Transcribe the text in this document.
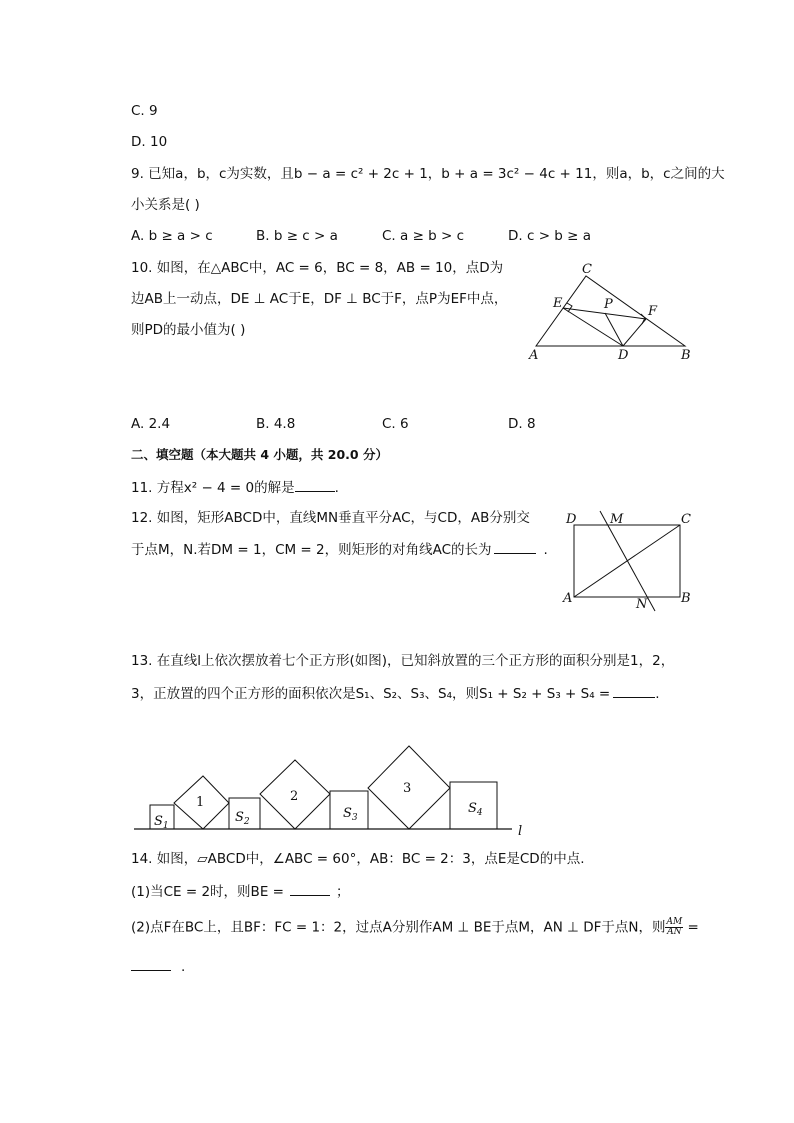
C. 9
D. 10
9. 已知a，b，c为实数，且b − a = c² + 2c + 1，b + a = 3c² − 4c + 11，则a，b，c之间的大
小关系是( )
A. b ≥ a > c	B. b ≥ c > a	C. a ≥ b > c	D. c > b ≥ a
10. 如图，在△ABC中，AC = 6，BC = 8，AB = 10，点D为
边AB上一动点，DE ⊥ AC于E，DF ⊥ BC于F，点P为EF中点，
则PD的最小值为( )
C
E	P	F
A	D	B
A. 2.4	B. 4.8	C. 6	D. 8
二、填空题（本大题共 4 小题，共 20.0 分）
11. 方程x² − 4 = 0的解是	.
12. 如图，矩形ABCD中，直线MN垂直平分AC，与CD，AB分别交
于点M，N.若DM = 1，CM = 2，则矩形的对角线AC的长为	.
D	M	C
A	N	B
13. 在直线l上依次摆放着七个正方形(如图)，已知斜放置的三个正方形的面积分别是1，2，
3，正放置的四个正方形的面积依次是S₁、S₂、S₃、S₄，则S₁ + S₂ + S₃ + S₄ =	.
$S_1$
1
$S_2$
2
$S_3$
3
$S_4$
l
14. 如图，▱ABCD中，∠ABC = 60°，AB：BC = 2：3，点E是CD的中点.
(1)当CE = 2时，则BE =	；
(2)点F在BC上，且BF：FC = 1：2，过点A分别作AM ⊥ BE于点M，AN ⊥ DF于点N，则 $\frac{AM}{AN}$ =
.
